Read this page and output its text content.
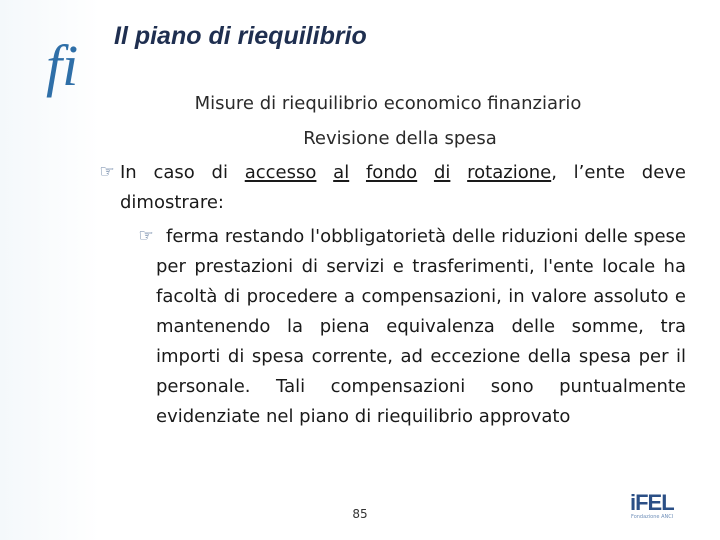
fi Il piano di riequilibrio
Misure di riequilibrio economico finanziario
Revisione della spesa
☞ In caso di accesso al fondo di rotazione, l’ente deve dimostrare:
☞ ferma restando l'obbligatorietà delle riduzioni delle spese per prestazioni di servizi e trasferimenti, l'ente locale ha facoltà di procedere a compensazioni, in valore assoluto e mantenendo la piena equivalenza delle somme, tra importi di spesa corrente, ad eccezione della spesa per il personale. Tali compensazioni sono puntualmente evidenziate nel piano di riequilibrio approvato
85	iFEL
Fondazione ANCI
